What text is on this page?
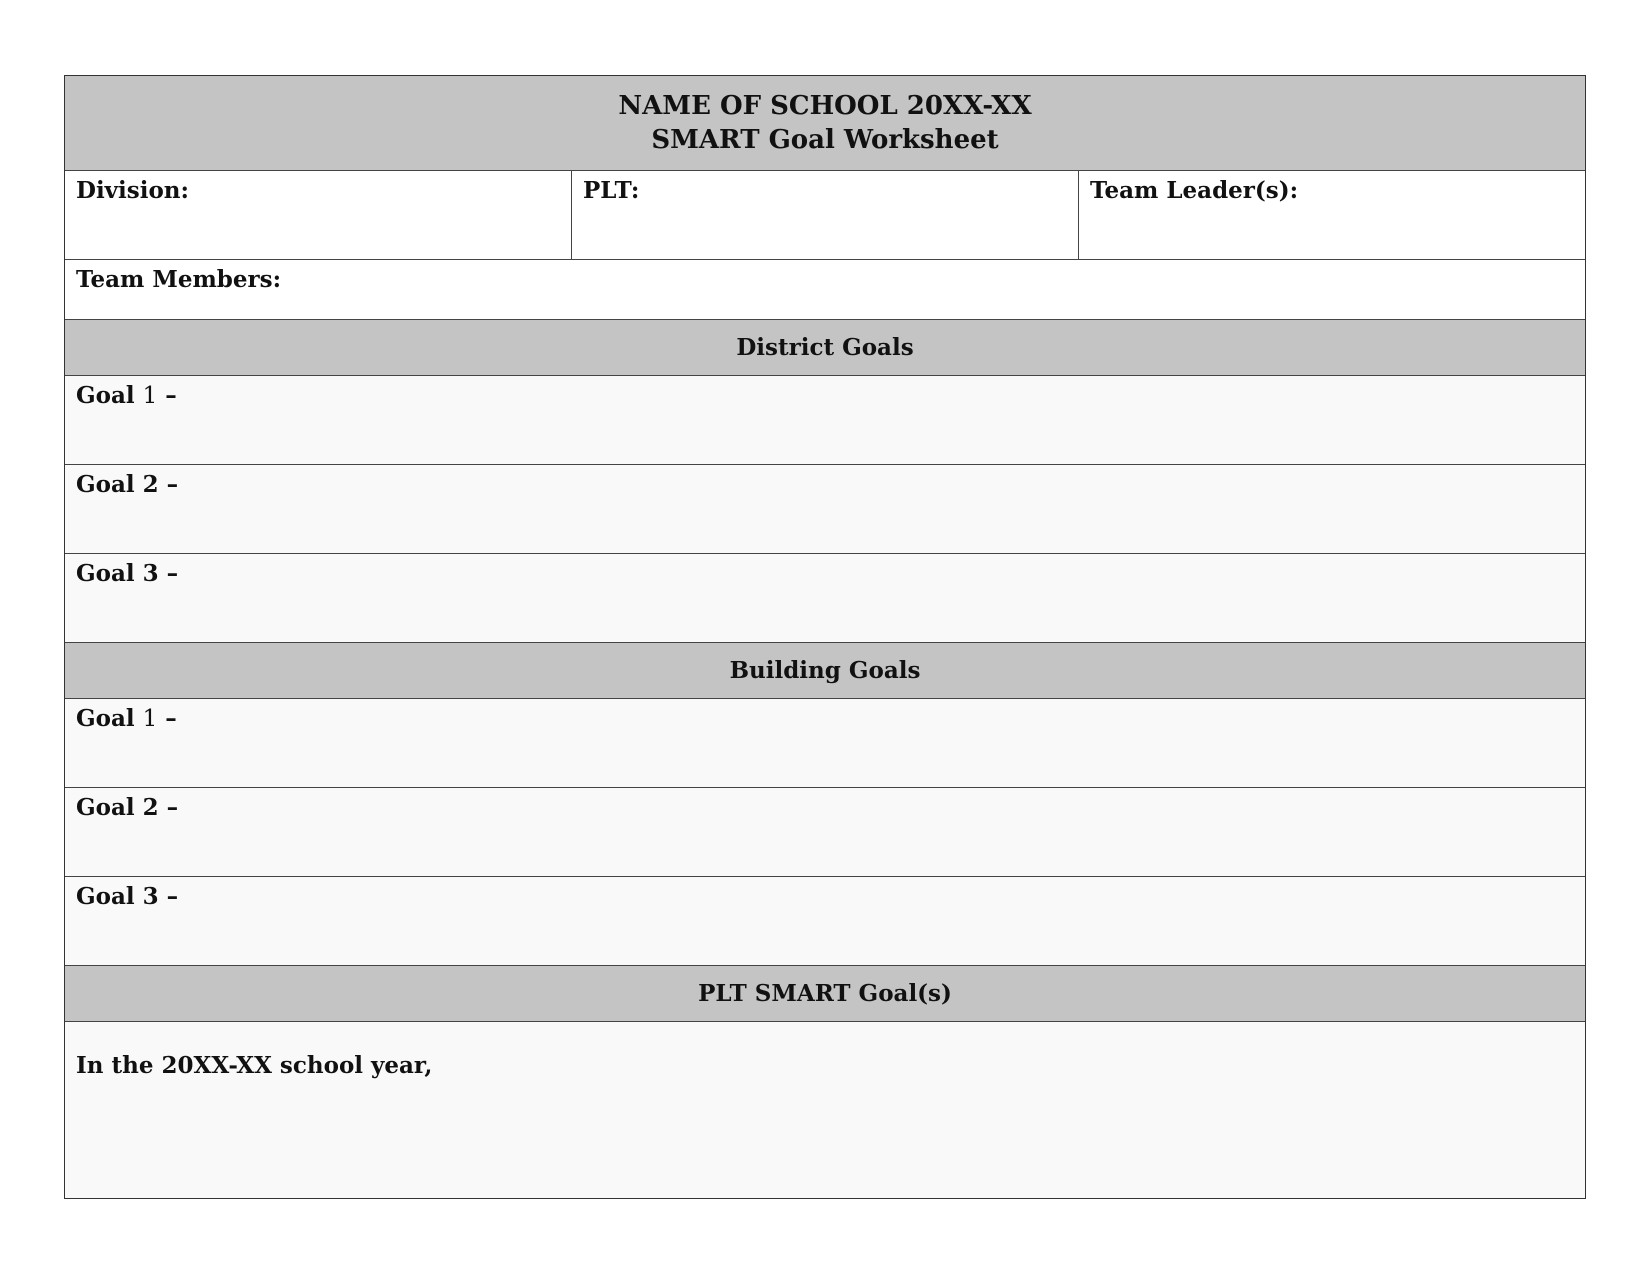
NAME OF SCHOOL 20XX-XX
SMART Goal Worksheet
Division:	PLT:	Team Leader(s):
Team Members:
District Goals
Goal 1 –
Goal 2 –
Goal 3 –
Building Goals
Goal 1 –
Goal 2 –
Goal 3 –
PLT SMART Goal(s)
In the 20XX-XX school year,
